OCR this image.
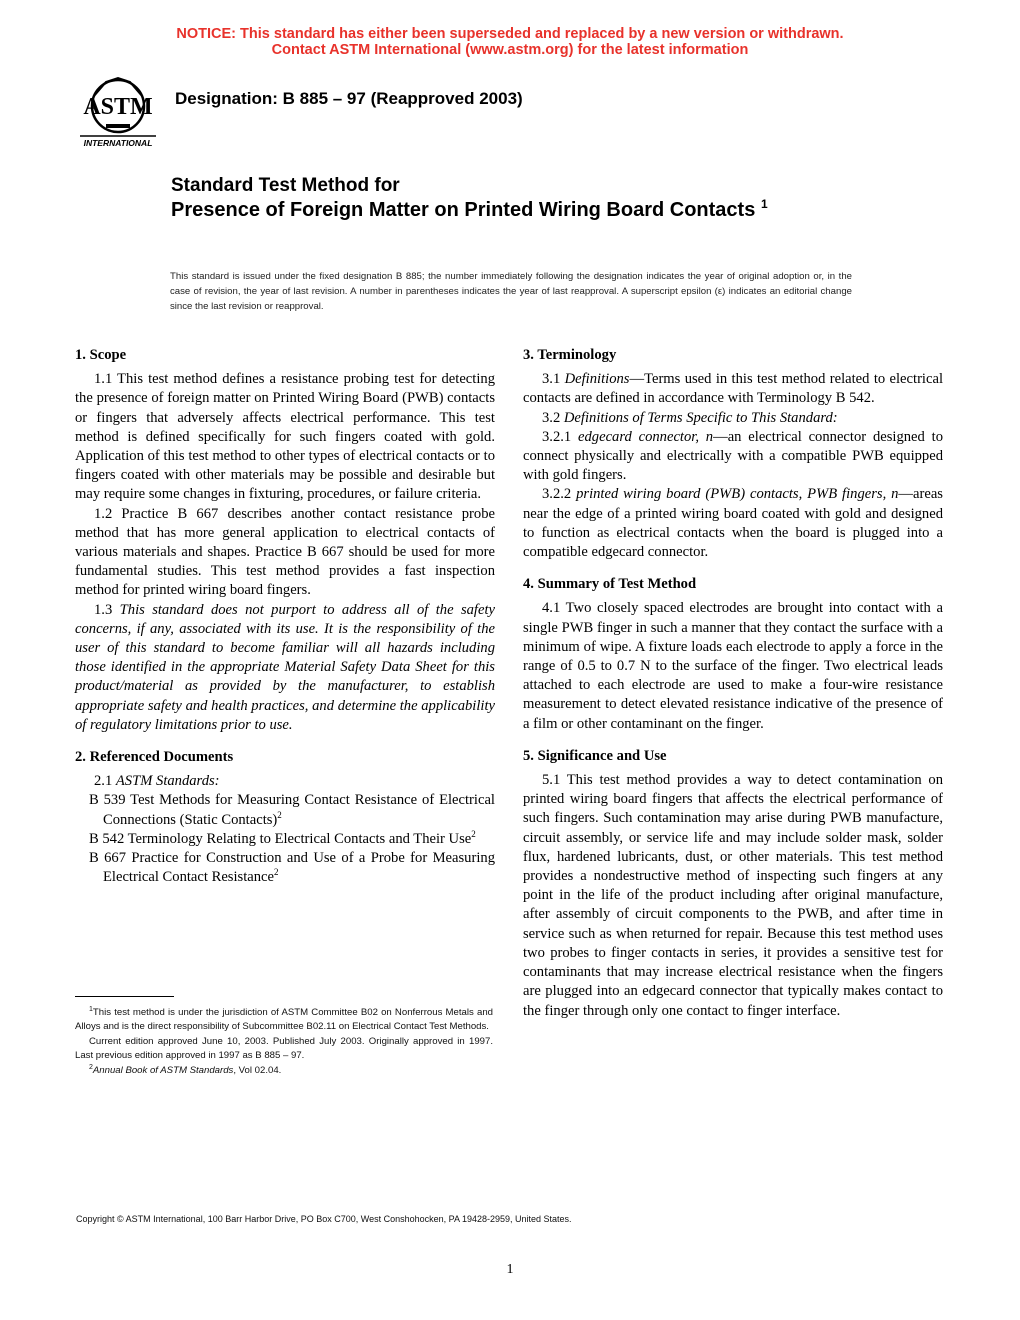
NOTICE: This standard has either been superseded and replaced by a new version or withdrawn.
Contact ASTM International (www.astm.org) for the latest information
ASTM
INTERNATIONAL
Designation: B 885 – 97 (Reapproved 2003)
Standard Test Method for
Presence of Foreign Matter on Printed Wiring Board Contacts $^1$
This standard is issued under the fixed designation B 885; the number immediately following the designation indicates the year of original adoption or, in the case of revision, the year of last revision. A number in parentheses indicates the year of last reapproval. A superscript epsilon (ε) indicates an editorial change since the last revision or reapproval.
1. Scope

1.1 This test method defines a resistance probing test for detecting the presence of foreign matter on Printed Wiring Board (PWB) contacts or fingers that adversely affects electrical performance. This test method is defined specifically for such fingers coated with gold. Application of this test method to other types of electrical contacts or to fingers coated with other materials may be possible and desirable but may require some changes in fixturing, procedures, or failure criteria.

1.2 Practice B 667 describes another contact resistance probe method that has more general application to electrical contacts of various materials and shapes. Practice B 667 should be used for more fundamental studies. This test method provides a fast inspection method for printed wiring board fingers.

1.3 This standard does not purport to address all of the safety concerns, if any, associated with its use. It is the responsibility of the user of this standard to become familiar will all hazards including those identified in the appropriate Material Safety Data Sheet for this product/material as provided by the manufacturer, to establish appropriate safety and health practices, and determine the applicability of regulatory limitations prior to use.

2. Referenced Documents

2.1 ASTM Standards:

B 539 Test Methods for Measuring Contact Resistance of Electrical Connections (Static Contacts)$^2$

B 542 Terminology Relating to Electrical Contacts and Their Use$^2$

B 667 Practice for Construction and Use of a Probe for Measuring Electrical Contact Resistance$^2$

3. Terminology

3.1 Definitions—Terms used in this test method related to electrical contacts are defined in accordance with Terminology B 542.

3.2 Definitions of Terms Specific to This Standard:

3.2.1 edgecard connector, n—an electrical connector designed to connect physically and electrically with a compatible PWB equipped with gold fingers.

3.2.2 printed wiring board (PWB) contacts, PWB fingers, n—areas near the edge of a printed wiring board coated with gold and designed to function as electrical contacts when the board is plugged into a compatible edgecard connector.

4. Summary of Test Method

4.1 Two closely spaced electrodes are brought into contact with a single PWB finger in such a manner that they contact the surface with a minimum of wipe. A fixture loads each electrode to apply a force in the range of 0.5 to 0.7 N to the surface of the finger. Two electrical leads attached to each electrode are used to make a four-wire resistance measurement to detect elevated resistance indicative of the presence of a film or other contaminant on the finger.

5. Significance and Use

5.1 This test method provides a way to detect contamination on printed wiring board fingers that affects the electrical performance of such fingers. Such contamination may arise during PWB manufacture, circuit assembly, or service life and may include solder mask, solder flux, hardened lubricants, dust, or other materials. This test method provides a nondestructive method of inspecting such fingers at any point in the life of the product including after original manufacture, after assembly of circuit components to the PWB, and after time in service such as when returned for repair. Because this test method uses two probes to finger contacts in series, it provides a sensitive test for contaminants that may increase electrical resistance when the fingers are plugged into an edgecard connector that typically makes contact to the finger through only one contact to finger interface.

$^1$This test method is under the jurisdiction of ASTM Committee B02 on Nonferrous Metals and Alloys and is the direct responsibility of Subcommittee B02.11 on Electrical Contact Test Methods.

Current edition approved June 10, 2003. Published July 2003. Originally approved in 1997. Last previous edition approved in 1997 as B 885 – 97.

$^2$Annual Book of ASTM Standards, Vol 02.04.

Copyright © ASTM International, 100 Barr Harbor Drive, PO Box C700, West Conshohocken, PA 19428-2959, United States.
1
